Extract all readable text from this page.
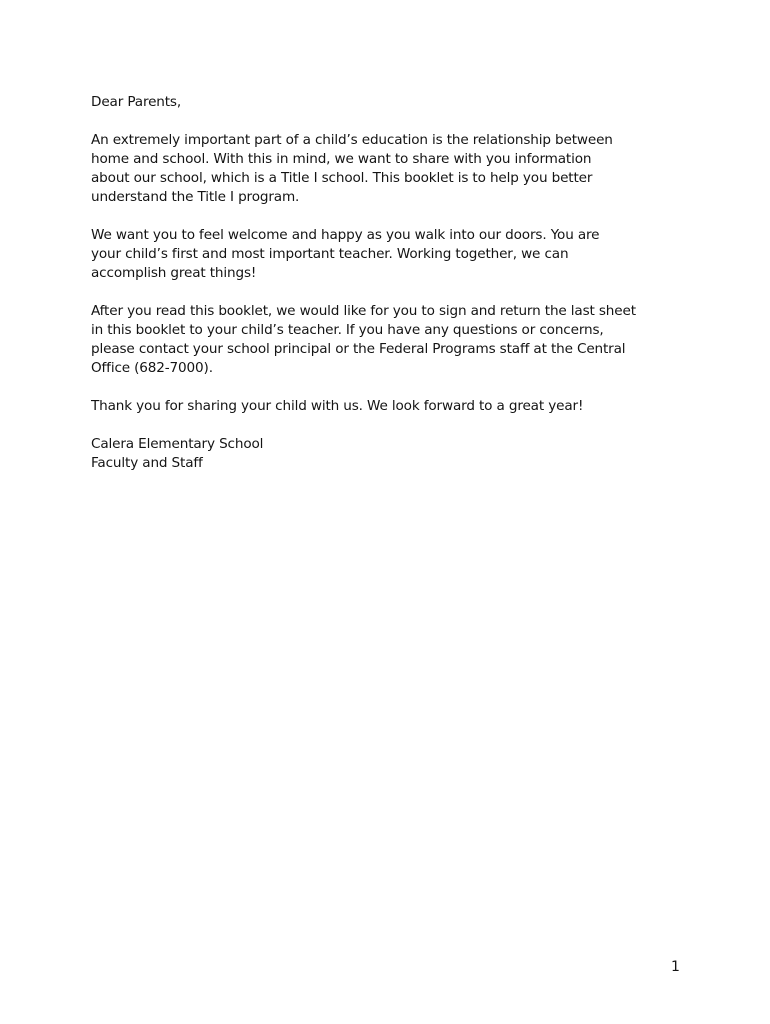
Dear Parents,

An extremely important part of a child’s education is the relationship between
home and school. With this in mind, we want to share with you information
about our school, which is a Title I school. This booklet is to help you better
understand the Title I program.

We want you to feel welcome and happy as you walk into our doors. You are
your child’s first and most important teacher. Working together, we can
accomplish great things!

After you read this booklet, we would like for you to sign and return the last sheet
in this booklet to your child’s teacher. If you have any questions or concerns,
please contact your school principal or the Federal Programs staff at the Central
Office (682-7000).

Thank you for sharing your child with us. We look forward to a great year!

Calera Elementary School
Faculty and Staff

1
